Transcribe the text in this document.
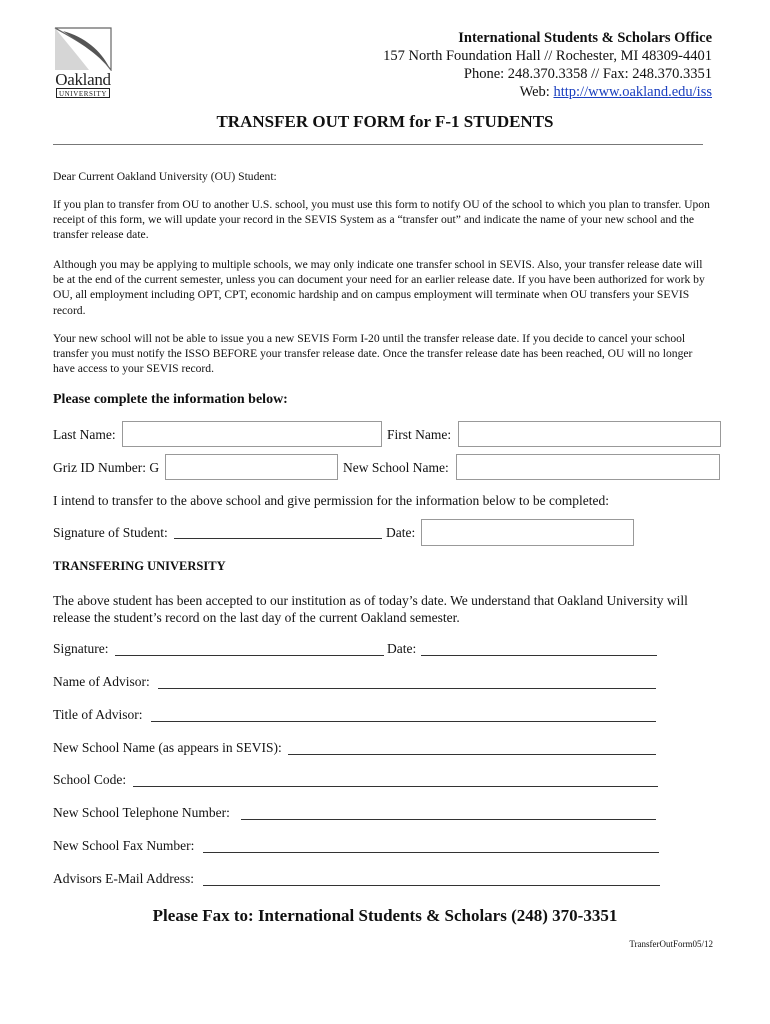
Oakland
UNIVERSITY
International Students & Scholars Office
157 North Foundation Hall // Rochester, MI 48309-4401
Phone: 248.370.3358 // Fax: 248.370.3351
Web: http://www.oakland.edu/iss
TRANSFER OUT FORM for F-1 STUDENTS
Dear Current Oakland University (OU) Student:
If you plan to transfer from OU to another U.S. school, you must use this form to notify OU of the school to which you plan to transfer. Upon receipt of this form, we will update your record in the SEVIS System as a “transfer out” and indicate the name of your new school and the transfer release date.
Although you may be applying to multiple schools, we may only indicate one transfer school in SEVIS. Also, your transfer release date will be at the end of the current semester, unless you can document your need for an earlier release date. If you have been authorized for work by OU, all employment including OPT, CPT, economic hardship and on campus employment will terminate when OU transfers your SEVIS record.
Your new school will not be able to issue you a new SEVIS Form I-20 until the transfer release date. If you decide to cancel your school transfer you must notify the ISSO BEFORE your transfer release date. Once the transfer release date has been reached, OU will no longer have access to your SEVIS record.
Please complete the information below:
Last Name:	First Name:
Griz ID Number: G	New School Name:
I intend to transfer to the above school and give permission for the information below to be completed:
Signature of Student:	Date:
TRANSFERING UNIVERSITY
The above student has been accepted to our institution as of today’s date. We understand that Oakland University will release the student’s record on the last day of the current Oakland semester.
Signature:	Date:
Name of Advisor:
Title of Advisor:
New School Name (as appears in SEVIS):
School Code:
New School Telephone Number:
New School Fax Number:
Advisors E-Mail Address:
Please Fax to: International Students & Scholars (248) 370-3351
TransferOutForm05/12
